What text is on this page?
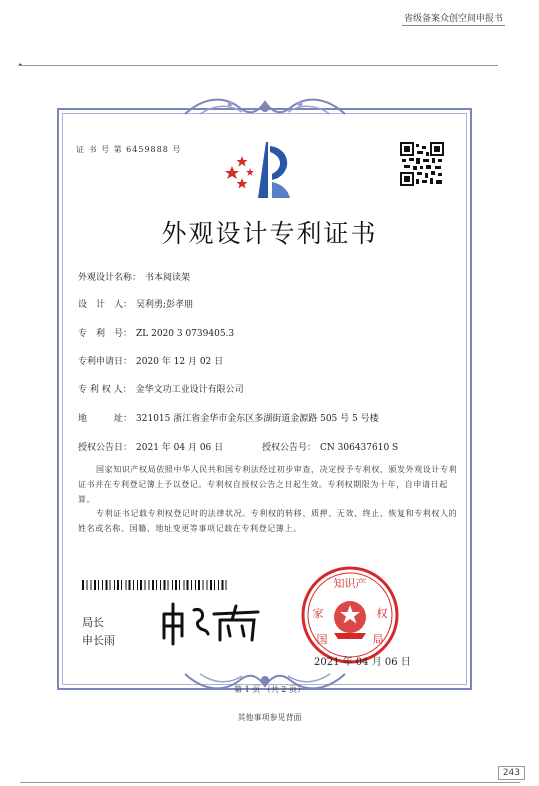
省级备案众创空间申报书
证 书 号 第 6459888 号
外观设计专利证书
外观设计名称： 书本阅读架
设　计　人： 吴利勇;彭孝朋
专　利　号： ZL 2020 3 0739405.3
专利申请日： 2020 年 12 月 02 日
专 利 权 人： 金华文功工业设计有限公司
地　　　址： 321015 浙江省金华市金东区多湖街道金源路 505 号 5 号楼
授权公告日： 2021 年 04 月 06 日	授权公告号： CN 306437610 S
国家知识产权局依照中华人民共和国专利法经过初步审查，决定授予专利权，颁发外观设计专利证书并在专利登记簿上予以登记。专利权自授权公告之日起生效。专利权期限为十年，自申请日起算。
专利证书记载专利权登记时的法律状况。专利权的转移、质押、无效、终止、恢复和专利权人的姓名或名称、国籍、地址变更等事项记载在专利登记簿上。
局长
申长雨
知识产
家	权
国	局
2021 年 04 月 06 日
第 1 页 （共 2 页）
其他事项参见背面
243
